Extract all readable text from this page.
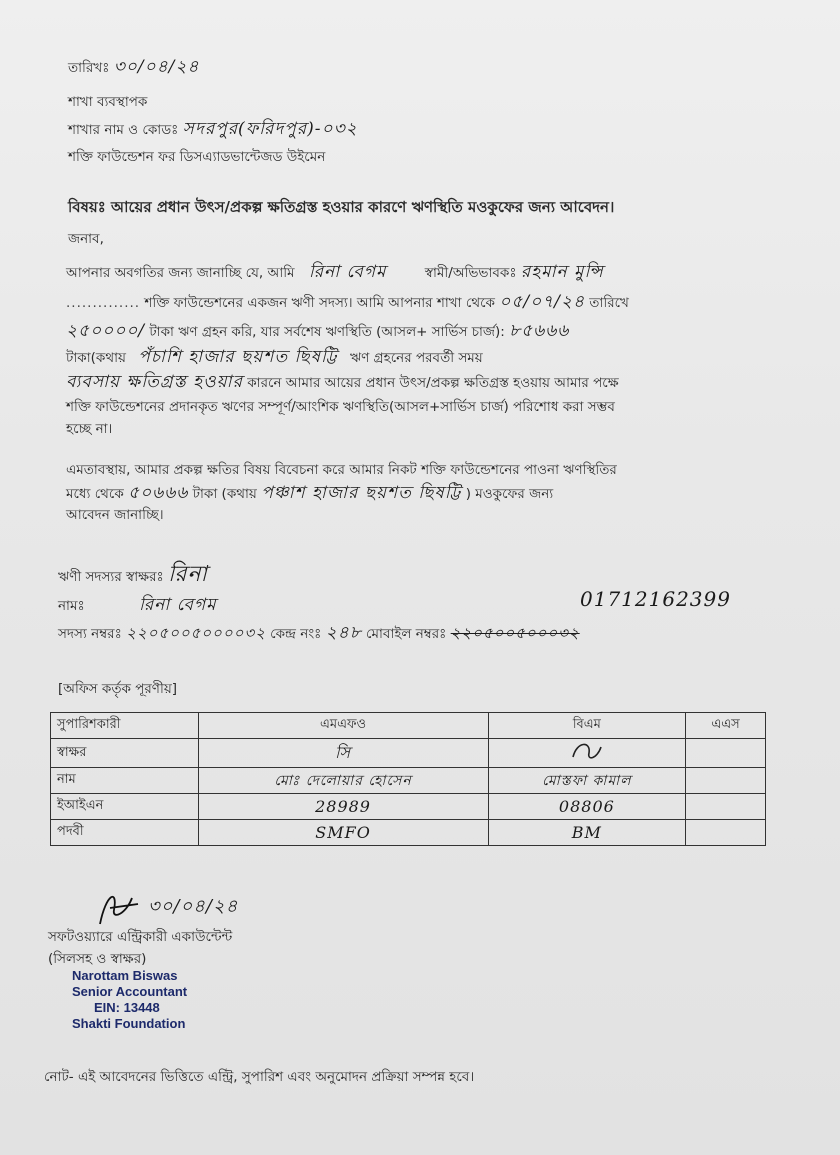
তারিখঃ ৩০/০৪/২৪
শাখা ব্যবস্থাপক
শাখার নাম ও কোডঃ সদরপুর(ফরিদপুর)-০৩২
শক্তি ফাউন্ডেশন ফর ডিসএ্যাডভান্টেজড উইমেন
বিষয়ঃ আয়ের প্রধান উৎস/প্রকল্প ক্ষতিগ্রস্ত হওয়ার কারণে ঋণস্থিতি মওকুফের জন্য আবেদন।
জনাব,
আপনার অবগতির জন্য জানাচ্ছি যে, আমি রিনা বেগম	স্বামী/অভিভাবকঃ রহমান মুন্সি
.............. শক্তি ফাউন্ডেশনের একজন ঋণী সদস্য। আমি আপনার শাখা থেকে ০৫/০৭/২৪ তারিখে
২৫০০০০/ টাকা ঋণ গ্রহন করি, যার সর্বশেষ ঋণস্থিতি (আসল+ সার্ভিস চার্জ): ৮৫৬৬৬
টাকা(কথায় পঁচাশি হাজার ছয়শত ছিষট্টি ঋণ গ্রহনের পরবর্তী সময়
ব্যবসায় ক্ষতিগ্রস্ত হওয়ার কারনে আমার আয়ের প্রধান উৎস/প্রকল্প ক্ষতিগ্রস্ত হওয়ায় আমার পক্ষে
শক্তি ফাউন্ডেশনের প্রদানকৃত ঋণের সম্পূর্ণ/আংশিক ঋণস্থিতি(আসল+সার্ভিস চার্জ) পরিশোধ করা সম্ভব
হচ্ছে না।
এমতাবস্থায়, আমার প্রকল্প ক্ষতির বিষয় বিবেচনা করে আমার নিকট শক্তি ফাউন্ডেশনের পাওনা ঋণস্থিতির
মধ্যে থেকে ৫০৬৬৬ টাকা (কথায় পঞ্চাশ হাজার ছয়শত ছিষট্টি ) মওকুফের জন্য
আবেদন জানাচ্ছি।
ঋণী সদস্যর স্বাক্ষরঃ রিনা
নামঃ	রিনা বেগম	01712162399
সদস্য নম্বরঃ ২২০৫০০৫০০০০৩২ কেন্দ্র নংঃ ২৪৮ মোবাইল নম্বরঃ ২২০৫০০৫০০০৩২
[অফিস কর্তৃক পূরণীয়]
সুপারিশকারী	এমএফও	বিএম	এএস
স্বাক্ষর	সি		
নাম	মোঃ দেলোয়ার হোসেন	মোস্তফা কামাল	
ইআইএন	28989	08806	
পদবী	SMFO	BM	
৩০/০৪/২৪
সফটওয়্যারে এন্ট্রিকারী একাউন্টেন্ট
(সিলসহ ও স্বাক্ষর)
Narottam Biswas
Senior Accountant
EIN: 13448
Shakti Foundation
নোট- এই আবেদনের ভিত্তিতে এন্ট্রি, সুপারিশ এবং অনুমোদন প্রক্রিয়া সম্পন্ন হবে।
